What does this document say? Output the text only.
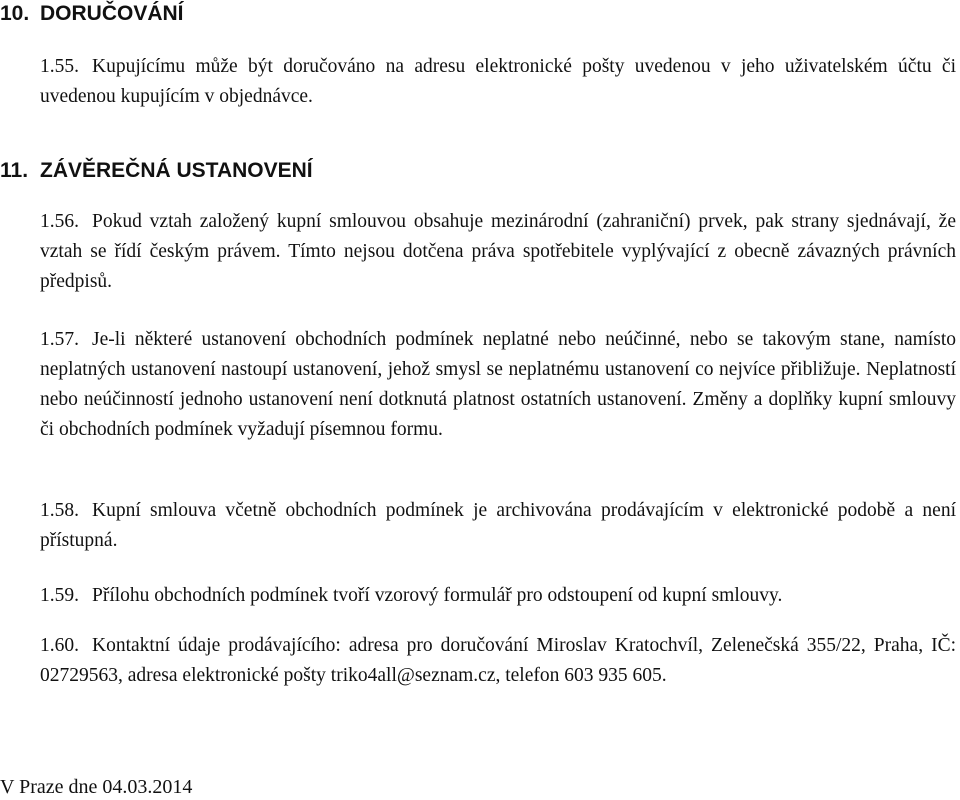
10. DORUČOVÁNÍ
1.55. Kupujícímu může být doručováno na adresu elektronické pošty uvedenou v jeho uživatelském účtu či uvedenou kupujícím v objednávce.
11. ZÁVĚREČNÁ USTANOVENÍ
1.56. Pokud vztah založený kupní smlouvou obsahuje mezinárodní (zahraniční) prvek, pak strany sjednávají, že vztah se řídí českým právem. Tímto nejsou dotčena práva spotřebitele vyplývající z obecně závazných právních předpisů.
1.57. Je-li některé ustanovení obchodních podmínek neplatné nebo neúčinné, nebo se takovým stane, namísto neplatných ustanovení nastoupí ustanovení, jehož smysl se neplatnému ustanovení co nejvíce přibližuje. Neplatností nebo neúčinností jednoho ustanovení není dotknutá platnost ostatních ustanovení. Změny a doplňky kupní smlouvy či obchodních podmínek vyžadují písemnou formu.
1.58. Kupní smlouva včetně obchodních podmínek je archivována prodávajícím v elektronické podobě a není přístupná.
1.59. Přílohu obchodních podmínek tvoří vzorový formulář pro odstoupení od kupní smlouvy.
1.60. Kontaktní údaje prodávajícího: adresa pro doručování Miroslav Kratochvíl, Zelenečská 355/22, Praha, IČ: 02729563, adresa elektronické pošty triko4all@seznam.cz, telefon 603 935 605.
V Praze dne 04.03.2014
